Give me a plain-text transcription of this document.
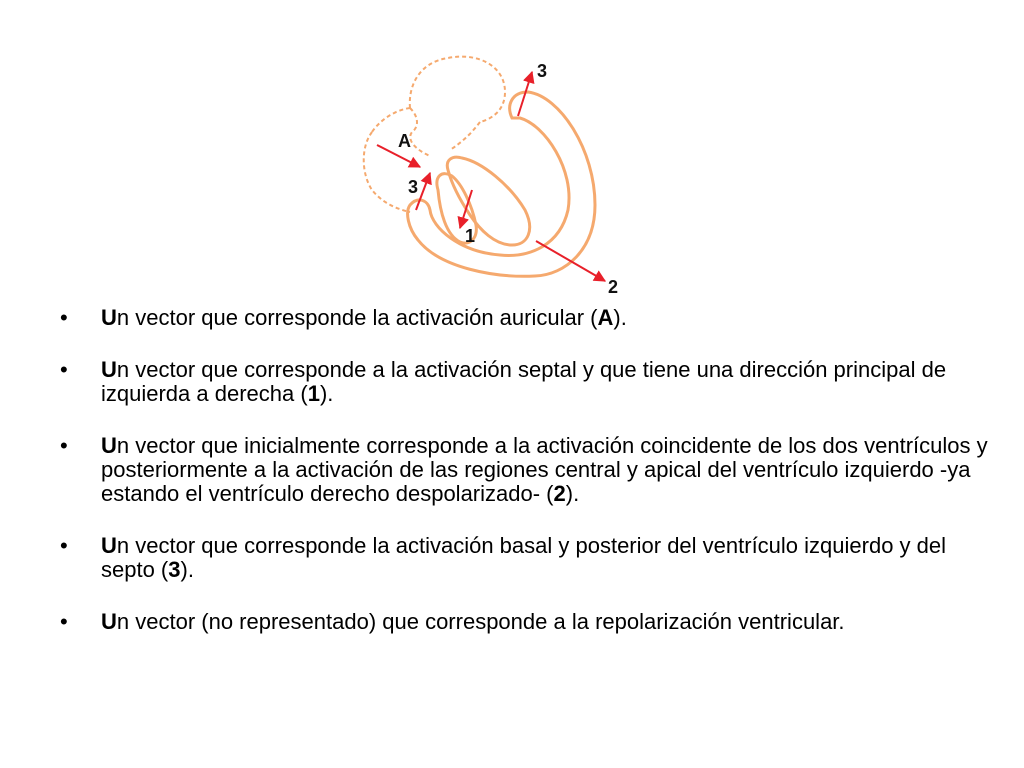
A
1
2
3
3
• Un vector que corresponde la activación auricular (A).
• Un vector que corresponde a la activación septal y que tiene una dirección principal de izquierda a derecha (1).
• Un vector que inicialmente corresponde a la activación coincidente de los dos ventrículos y posteriormente a la activación de las regiones central y apical del ventrículo izquierdo -ya estando el ventrículo derecho despolarizado- (2).
• Un vector que corresponde la activación basal y posterior del ventrículo izquierdo y del septo (3).
• Un vector (no representado) que corresponde a la repolarización ventricular.
